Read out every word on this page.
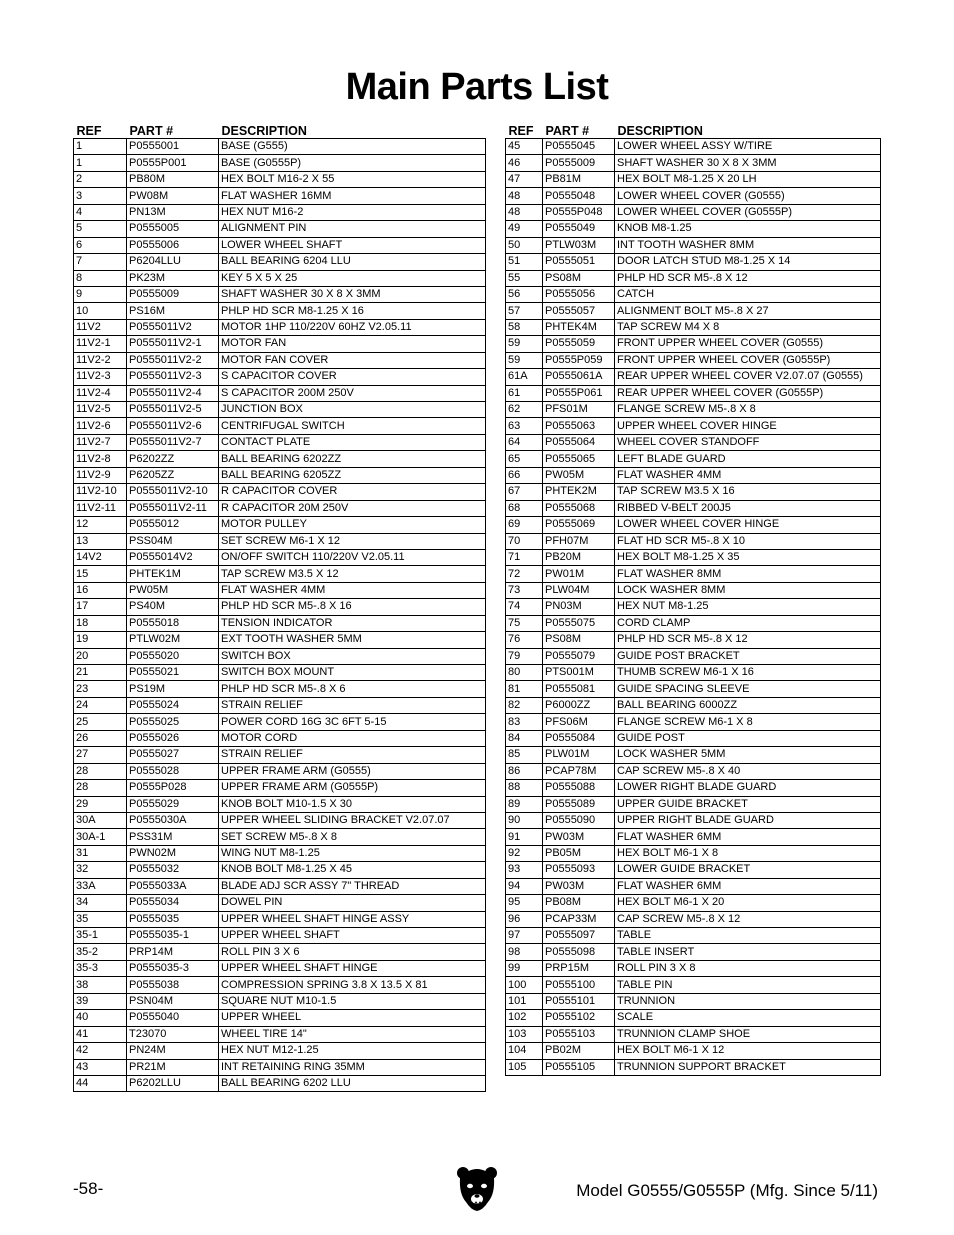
Main Parts List
REF	PART #	DESCRIPTION
1	P0555001	BASE (G555)
1	P0555P001	BASE (G0555P)
2	PB80M	HEX BOLT M16-2 X 55
3	PW08M	FLAT WASHER 16MM
4	PN13M	HEX NUT M16-2
5	P0555005	ALIGNMENT PIN
6	P0555006	LOWER WHEEL SHAFT
7	P6204LLU	BALL BEARING 6204 LLU
8	PK23M	KEY 5 X 5 X 25
9	P0555009	SHAFT WASHER 30 X 8 X 3MM
10	PS16M	PHLP HD SCR M8-1.25 X 16
11V2	P0555011V2	MOTOR 1HP 110/220V 60HZ V2.05.11
11V2-1	P0555011V2-1	MOTOR FAN
11V2-2	P0555011V2-2	MOTOR FAN COVER
11V2-3	P0555011V2-3	S CAPACITOR COVER
11V2-4	P0555011V2-4	S CAPACITOR 200M 250V
11V2-5	P0555011V2-5	JUNCTION BOX
11V2-6	P0555011V2-6	CENTRIFUGAL SWITCH
11V2-7	P0555011V2-7	CONTACT PLATE
11V2-8	P6202ZZ	BALL BEARING 6202ZZ
11V2-9	P6205ZZ	BALL BEARING 6205ZZ
11V2-10	P0555011V2-10	R CAPACITOR COVER
11V2-11	P0555011V2-11	R CAPACITOR 20M 250V
12	P0555012	MOTOR PULLEY
13	PSS04M	SET SCREW M6-1 X 12
14V2	P0555014V2	ON/OFF SWITCH 110/220V V2.05.11
15	PHTEK1M	TAP SCREW M3.5 X 12
16	PW05M	FLAT WASHER 4MM
17	PS40M	PHLP HD SCR M5-.8 X 16
18	P0555018	TENSION INDICATOR
19	PTLW02M	EXT TOOTH WASHER 5MM
20	P0555020	SWITCH BOX
21	P0555021	SWITCH BOX MOUNT
23	PS19M	PHLP HD SCR M5-.8 X 6
24	P0555024	STRAIN RELIEF
25	P0555025	POWER CORD 16G 3C 6FT 5-15
26	P0555026	MOTOR CORD
27	P0555027	STRAIN RELIEF
28	P0555028	UPPER FRAME ARM (G0555)
28	P0555P028	UPPER FRAME ARM (G0555P)
29	P0555029	KNOB BOLT M10-1.5 X 30
30A	P0555030A	UPPER WHEEL SLIDING BRACKET V2.07.07
30A-1	PSS31M	SET SCREW M5-.8 X 8
31	PWN02M	WING NUT M8-1.25
32	P0555032	KNOB BOLT M8-1.25 X 45
33A	P0555033A	BLADE ADJ SCR ASSY 7" THREAD
34	P0555034	DOWEL PIN
35	P0555035	UPPER WHEEL SHAFT HINGE ASSY
35-1	P0555035-1	UPPER WHEEL SHAFT
35-2	PRP14M	ROLL PIN 3 X 6
35-3	P0555035-3	UPPER WHEEL SHAFT HINGE
38	P0555038	COMPRESSION SPRING 3.8 X 13.5 X 81
39	PSN04M	SQUARE NUT M10-1.5
40	P0555040	UPPER WHEEL
41	T23070	WHEEL TIRE 14"
42	PN24M	HEX NUT M12-1.25
43	PR21M	INT RETAINING RING 35MM
44	P6202LLU	BALL BEARING 6202 LLU
REF	PART #	DESCRIPTION
45	P0555045	LOWER WHEEL ASSY W/TIRE
46	P0555009	SHAFT WASHER 30 X 8 X 3MM
47	PB81M	HEX BOLT M8-1.25 X 20 LH
48	P0555048	LOWER WHEEL COVER (G0555)
48	P0555P048	LOWER WHEEL COVER (G0555P)
49	P0555049	KNOB M8-1.25
50	PTLW03M	INT TOOTH WASHER 8MM
51	P0555051	DOOR LATCH STUD M8-1.25 X 14
55	PS08M	PHLP HD SCR M5-.8 X 12
56	P0555056	CATCH
57	P0555057	ALIGNMENT BOLT M5-.8 X 27
58	PHTEK4M	TAP SCREW M4 X 8
59	P0555059	FRONT UPPER WHEEL COVER (G0555)
59	P0555P059	FRONT UPPER WHEEL COVER (G0555P)
61A	P0555061A	REAR UPPER WHEEL COVER V2.07.07 (G0555)
61	P0555P061	REAR UPPER WHEEL COVER (G0555P)
62	PFS01M	FLANGE SCREW M5-.8 X 8
63	P0555063	UPPER WHEEL COVER HINGE
64	P0555064	WHEEL COVER STANDOFF
65	P0555065	LEFT BLADE GUARD
66	PW05M	FLAT WASHER 4MM
67	PHTEK2M	TAP SCREW M3.5 X 16
68	P0555068	RIBBED V-BELT 200J5
69	P0555069	LOWER WHEEL COVER HINGE
70	PFH07M	FLAT HD SCR M5-.8 X 10
71	PB20M	HEX BOLT M8-1.25 X 35
72	PW01M	FLAT WASHER 8MM
73	PLW04M	LOCK WASHER 8MM
74	PN03M	HEX NUT M8-1.25
75	P0555075	CORD CLAMP
76	PS08M	PHLP HD SCR M5-.8 X 12
79	P0555079	GUIDE POST BRACKET
80	PTS001M	THUMB SCREW M6-1 X 16
81	P0555081	GUIDE SPACING SLEEVE
82	P6000ZZ	BALL BEARING 6000ZZ
83	PFS06M	FLANGE SCREW M6-1 X 8
84	P0555084	GUIDE POST
85	PLW01M	LOCK WASHER 5MM
86	PCAP78M	CAP SCREW M5-.8 X 40
88	P0555088	LOWER RIGHT BLADE GUARD
89	P0555089	UPPER GUIDE BRACKET
90	P0555090	UPPER RIGHT BLADE GUARD
91	PW03M	FLAT WASHER 6MM
92	PB05M	HEX BOLT M6-1 X 8
93	P0555093	LOWER GUIDE BRACKET
94	PW03M	FLAT WASHER 6MM
95	PB08M	HEX BOLT M6-1 X 20
96	PCAP33M	CAP SCREW M5-.8 X 12
97	P0555097	TABLE
98	P0555098	TABLE INSERT
99	PRP15M	ROLL PIN 3 X 8
100	P0555100	TABLE PIN
101	P0555101	TRUNNION
102	P0555102	SCALE
103	P0555103	TRUNNION CLAMP SHOE
104	PB02M	HEX BOLT M6-1 X 12
105	P0555105	TRUNNION SUPPORT BRACKET
-58-	Model G0555/G0555P (Mfg. Since 5/11)
